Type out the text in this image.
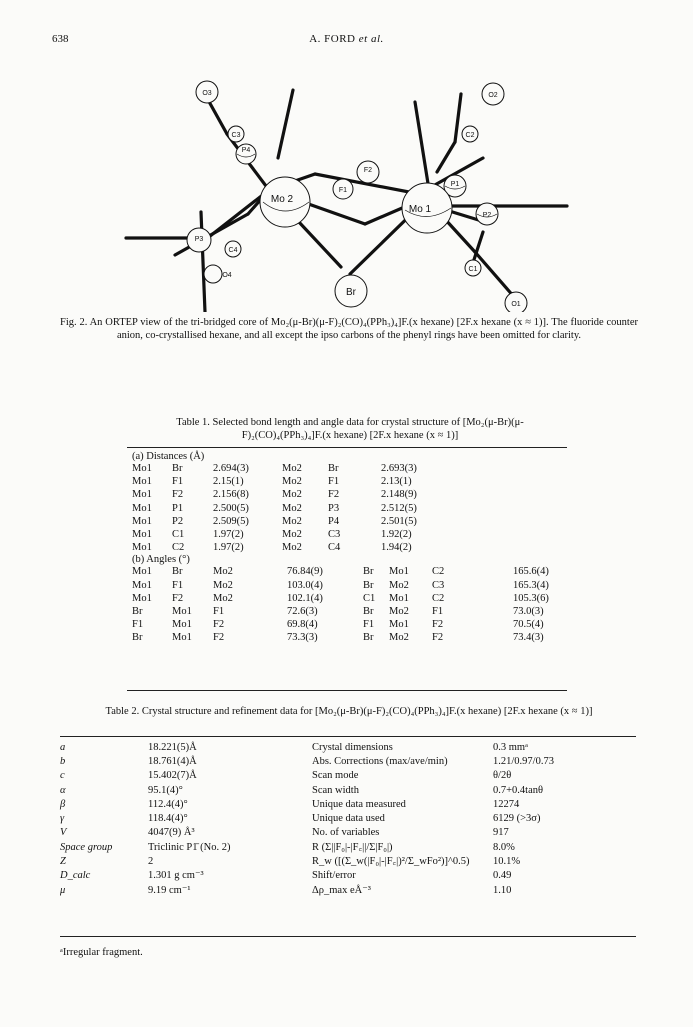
638	A. FORD et al.
O3	O2
C3	C2
P4
F2
F1
P1
Mo 2
Mo 1
P2
P3
C4
O4
C1
Br
O1
Fig. 2. An ORTEP view of the tri-bridged core of Mo₂(μ-Br)(μ-F)₂(CO)₄(PPh₃)₄]F.(x hexane) [2F.x hexane (x ≈ 1)]. The fluoride counter anion, co-crystallised hexane, and all except the ipso carbons of the phenyl rings have been omitted for clarity.
Table 1. Selected bond length and angle data for crystal structure of [Mo₂(μ-Br)(μ-F)₂(CO)₄(PPh₃)₄]F.(x hexane) [2F.x hexane (x ≈ 1)]
(a) Distances (Å)
Mo1	Br	2.694(3)	Mo2	Br	2.693(3)
Mo1	F1	2.15(1)	Mo2	F1	2.13(1)
Mo1	F2	2.156(8)	Mo2	F2	2.148(9)
Mo1	P1	2.500(5)	Mo2	P3	2.512(5)
Mo1	P2	2.509(5)	Mo2	P4	2.501(5)
Mo1	C1	1.97(2)	Mo2	C3	1.92(2)
Mo1	C2	1.97(2)	Mo2	C4	1.94(2)
(b) Angles (°)
Mo1	Br	Mo2	76.84(9)	Br	Mo1	C2	165.6(4)
Mo1	F1	Mo2	103.0(4)	Br	Mo2	C3	165.3(4)
Mo1	F2	Mo2	102.1(4)	C1	Mo1	C2	105.3(6)
Br	Mo1	F1	72.6(3)	Br	Mo2	F1	73.0(3)
F1	Mo1	F2	69.8(4)	F1	Mo1	F2	70.5(4)
Br	Mo1	F2	73.3(3)	Br	Mo2	F2	73.4(3)
Table 2. Crystal structure and refinement data for [Mo₂(μ-Br)(μ-F)₂(CO)₄(PPh₃)₄]F.(x hexane) [2F.x hexane (x ≈ 1)]
a	18.221(5)Å	Crystal dimensions	0.3 mmᵃ
b	18.761(4)Å	Abs. Corrections (max/ave/min)	1.21/0.97/0.73
c	15.402(7)Å	Scan mode	θ/2θ
α	95.1(4)°	Scan width	0.7+0.4tanθ
β	112.4(4)°	Unique data measured	12274
γ	118.4(4)°	Unique data used	6129 (>3σ)
V	4047(9) Å³	No. of variables	917
Space group	Triclinic P1̄ (No. 2)	R (Σ||F₀|-|F꜀||/Σ|F₀|)	8.0%
Z	2	R_w ([(Σ_w(|F₀|-|F꜀|)²/Σ_wFo²)]^0.5)	10.1%
D_calc	1.301 g cm⁻³	Shift/error	0.49
μ	9.19 cm⁻¹	Δρ_max eÅ⁻³	1.10
ᵃIrregular fragment.
